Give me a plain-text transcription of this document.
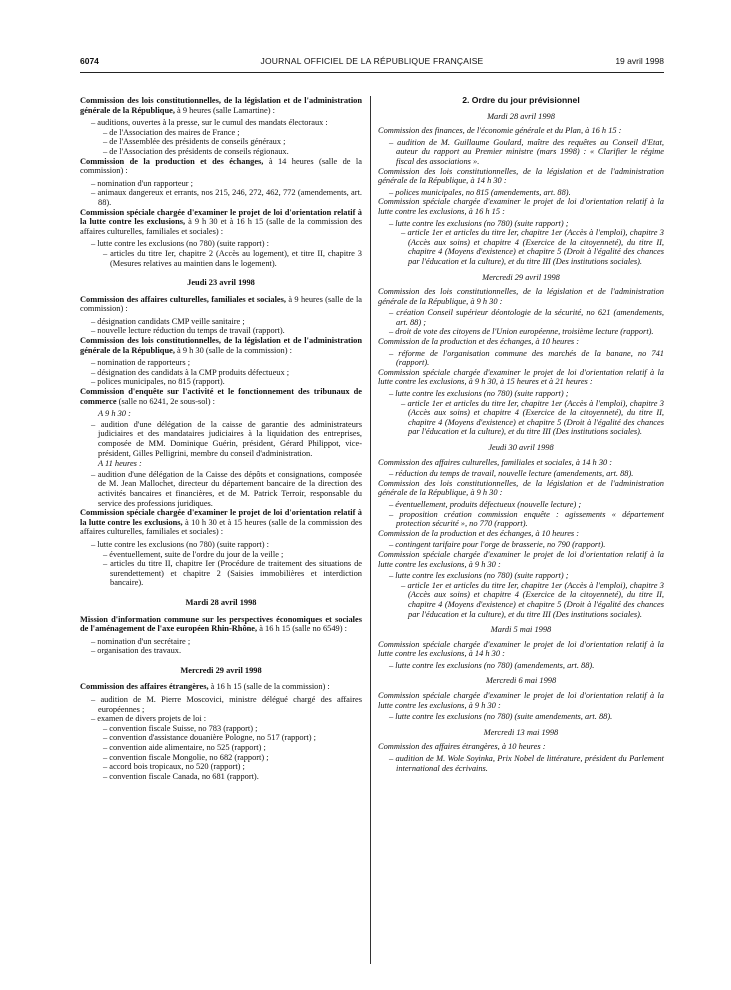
6074	JOURNAL OFFICIEL DE LA RÉPUBLIQUE FRANÇAISE	19 avril 1998
Commission des lois constitutionnelles, de la législation et de l'administration générale de la République, à 9 heures (salle Lamartine) :
– auditions, ouvertes à la presse, sur le cumul des mandats électoraux :
– de l'Association des maires de France ;
– de l'Assemblée des présidents de conseils généraux ;
– de l'Association des présidents de conseils régionaux.
Commission de la production et des échanges, à 14 heures (salle de la commission) :
– nomination d'un rapporteur ;
– animaux dangereux et errants, nos 215, 246, 272, 462, 772 (amendements, art. 88).
Commission spéciale chargée d'examiner le projet de loi d'orientation relatif à la lutte contre les exclusions, à 9 h 30 et à 16 h 15 (salle de la commission des affaires culturelles, familiales et sociales) :
– lutte contre les exclusions (no 780) (suite rapport) :
– articles du titre Ier, chapitre 2 (Accès au logement), et titre II, chapitre 3 (Mesures relatives au maintien dans le logement).
Jeudi 23 avril 1998
Commission des affaires culturelles, familiales et sociales, à 9 heures (salle de la commission) :
– désignation candidats CMP veille sanitaire ;
– nouvelle lecture réduction du temps de travail (rapport).
Commission des lois constitutionnelles, de la législation et de l'administration générale de la République, à 9 h 30 (salle de la commission) :
– nomination de rapporteurs ;
– désignation des candidats à la CMP produits défectueux ;
– polices municipales, no 815 (rapport).
Commission d'enquête sur l'activité et le fonctionnement des tribunaux de commerce (salle no 6241, 2e sous-sol) :
A 9 h 30 :
– audition d'une délégation de la caisse de garantie des administrateurs judiciaires et des mandataires judiciaires à la liquidation des entreprises, composée de MM. Dominique Guérin, président, Gérard Philippot, vice-président, Gilles Pelligrini, membre du conseil d'administration.
A 11 heures :
– audition d'une délégation de la Caisse des dépôts et consignations, composée de M. Jean Mallochet, directeur du département bancaire de la direction des activités bancaires et financières, et de M. Patrick Terroir, responsable du service des professions juridiques.
Commission spéciale chargée d'examiner le projet de loi d'orientation relatif à la lutte contre les exclusions, à 10 h 30 et à 15 heures (salle de la commission des affaires culturelles, familiales et sociales) :
– lutte contre les exclusions (no 780) (suite rapport) :
– éventuellement, suite de l'ordre du jour de la veille ;
– articles du titre II, chapitre Ier (Procédure de traitement des situations de surendettement) et chapitre 2 (Saisies immobilières et interdiction bancaire).
Mardi 28 avril 1998
Mission d'information commune sur les perspectives économiques et sociales de l'aménagement de l'axe européen Rhin-Rhône, à 16 h 15 (salle no 6549) :
– nomination d'un secrétaire ;
– organisation des travaux.
Mercredi 29 avril 1998
Commission des affaires étrangères, à 16 h 15 (salle de la commission) :
– audition de M. Pierre Moscovici, ministre délégué chargé des affaires européennes ;
– examen de divers projets de loi :
– convention fiscale Suisse, no 783 (rapport) ;
– convention d'assistance douanière Pologne, no 517 (rapport) ;
– convention aide alimentaire, no 525 (rapport) ;
– convention fiscale Mongolie, no 682 (rapport) ;
– accord bois tropicaux, no 520 (rapport) ;
– convention fiscale Canada, no 681 (rapport).
2. Ordre du jour prévisionnel
Mardi 28 avril 1998
Commission des finances, de l'économie générale et du Plan, à 16 h 15 :
– audition de M. Guillaume Goulard, maître des requêtes au Conseil d'Etat, auteur du rapport au Premier ministre (mars 1998) : « Clarifier le régime fiscal des associations ».
Commission des lois constitutionnelles, de la législation et de l'administration générale de la République, à 14 h 30 :
– polices municipales, no 815 (amendements, art. 88).
Commission spéciale chargée d'examiner le projet de loi d'orientation relatif à la lutte contre les exclusions, à 16 h 15 :
– lutte contre les exclusions (no 780) (suite rapport) ;
– article 1er et articles du titre Ier, chapitre 1er (Accès à l'emploi), chapitre 3 (Accès aux soins) et chapitre 4 (Exercice de la citoyenneté), du titre II, chapitre 4 (Moyens d'existence) et chapitre 5 (Droit à l'égalité des chances par l'éducation et la culture), et du titre III (Des institutions sociales).
Mercredi 29 avril 1998
Commission des lois constitutionnelles, de la législation et de l'administration générale de la République, à 9 h 30 :
– création Conseil supérieur déontologie de la sécurité, no 621 (amendements, art. 88) ;
– droit de vote des citoyens de l'Union européenne, troisième lecture (rapport).
Commission de la production et des échanges, à 10 heures :
– réforme de l'organisation commune des marchés de la banane, no 741 (rapport).
Commission spéciale chargée d'examiner le projet de loi d'orientation relatif à la lutte contre les exclusions, à 9 h 30, à 15 heures et à 21 heures :
– lutte contre les exclusions (no 780) (suite rapport) ;
– article 1er et articles du titre Ier, chapitre 1er (Accès à l'emploi), chapitre 3 (Accès aux soins) et chapitre 4 (Exercice de la citoyenneté), du titre II, chapitre 4 (Moyens d'existence) et chapitre 5 (Droit à l'égalité des chances par l'éducation et la culture), et du titre III (Des institutions sociales).
Jeudi 30 avril 1998
Commission des affaires culturelles, familiales et sociales, à 14 h 30 :
– réduction du temps de travail, nouvelle lecture (amendements, art. 88).
Commission des lois constitutionnelles, de la législation et de l'administration générale de la République, à 9 h 30 :
– éventuellement, produits défectueux (nouvelle lecture) ;
– proposition création commission enquête : agissements « département protection sécurité », no 770 (rapport).
Commission de la production et des échanges, à 10 heures :
– contingent tarifaire pour l'orge de brasserie, no 790 (rapport).
Commission spéciale chargée d'examiner le projet de loi d'orientation relatif à la lutte contre les exclusions, à 9 h 30 :
– lutte contre les exclusions (no 780) (suite rapport) ;
– article 1er et articles du titre Ier, chapitre 1er (Accès à l'emploi), chapitre 3 (Accès aux soins) et chapitre 4 (Exercice de la citoyenneté), du titre II, chapitre 4 (Moyens d'existence) et chapitre 5 (Droit à l'égalité des chances par l'éducation et la culture), et du titre III (Des institutions sociales).
Mardi 5 mai 1998
Commission spéciale chargée d'examiner le projet de loi d'orientation relatif à la lutte contre les exclusions, à 14 h 30 :
– lutte contre les exclusions (no 780) (amendements, art. 88).
Mercredi 6 mai 1998
Commission spéciale chargée d'examiner le projet de loi d'orientation relatif à la lutte contre les exclusions, à 9 h 30 :
– lutte contre les exclusions (no 780) (suite amendements, art. 88).
Mercredi 13 mai 1998
Commission des affaires étrangères, à 10 heures :
– audition de M. Wole Soyinka, Prix Nobel de littérature, président du Parlement international des écrivains.
